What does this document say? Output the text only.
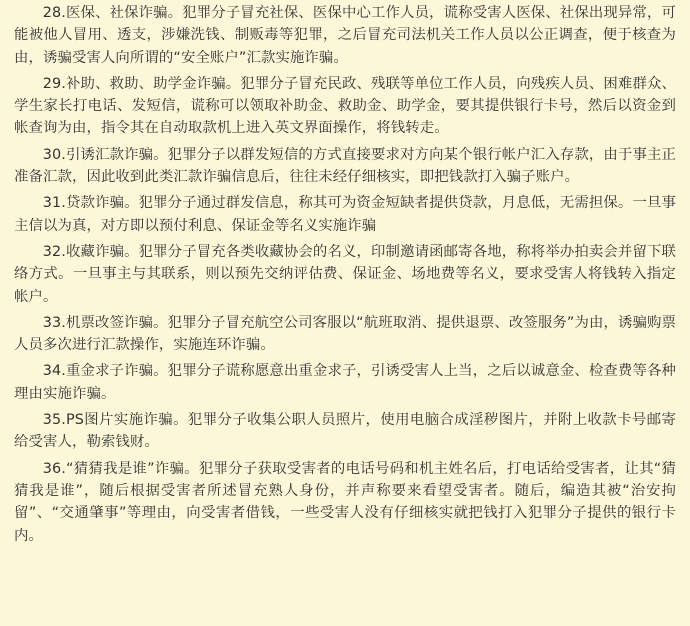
28.医保、社保诈骗。犯罪分子冒充社保、医保中心工作人员，谎称受害人医保、社保出现异常，可能被他人冒用、透支，涉嫌洗钱、制贩毒等犯罪，之后冒充司法机关工作人员以公正调查，便于核查为由，诱骗受害人向所谓的“安全账户”汇款实施诈骗。

29.补助、救助、助学金诈骗。犯罪分子冒充民政、残联等单位工作人员，向残疾人员、困难群众、学生家长打电话、发短信，谎称可以领取补助金、救助金、助学金，要其提供银行卡号，然后以资金到帐查询为由，指令其在自动取款机上进入英文界面操作，将钱转走。

30.引诱汇款诈骗。犯罪分子以群发短信的方式直接要求对方向某个银行帐户汇入存款，由于事主正准备汇款，因此收到此类汇款诈骗信息后，往往未经仔细核实，即把钱款打入骗子账户。

31.贷款诈骗。犯罪分子通过群发信息，称其可为资金短缺者提供贷款，月息低，无需担保。一旦事主信以为真，对方即以预付利息、保证金等名义实施诈骗

32.收藏诈骗。犯罪分子冒充各类收藏协会的名义，印制邀请函邮寄各地，称将举办拍卖会并留下联络方式。一旦事主与其联系，则以预先交纳评估费、保证金、场地费等名义，要求受害人将钱转入指定帐户。

33.机票改签诈骗。犯罪分子冒充航空公司客服以“航班取消、提供退票、改签服务”为由，诱骗购票人员多次进行汇款操作，实施连环诈骗。

34.重金求子诈骗。犯罪分子谎称愿意出重金求子，引诱受害人上当，之后以诚意金、检查费等各种理由实施诈骗。

35.PS图片实施诈骗。犯罪分子收集公职人员照片，使用电脑合成淫秽图片，并附上收款卡号邮寄给受害人，勒索钱财。

36.“猜猜我是谁”诈骗。犯罪分子获取受害者的电话号码和机主姓名后，打电话给受害者，让其“猜猜我是谁”，随后根据受害者所述冒充熟人身份，并声称要来看望受害者。随后，编造其被“治安拘留”、“交通肇事”等理由，向受害者借钱，一些受害人没有仔细核实就把钱打入犯罪分子提供的银行卡内。
